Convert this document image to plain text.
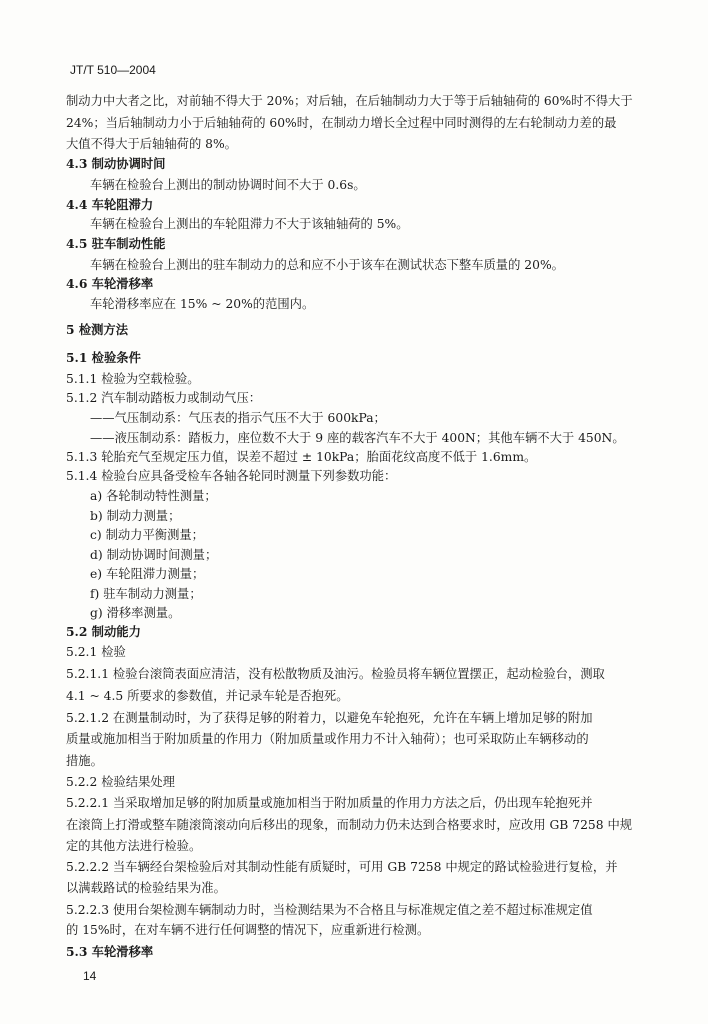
JT/T 510—2004
制动力中大者之比，对前轴不得大于 20%；对后轴，在后轴制动力大于等于后轴轴荷的 60%时不得大于
24%；当后轴制动力小于后轴轴荷的 60%时，在制动力增长全过程中同时测得的左右轮制动力差的最
大值不得大于后轴轴荷的 8%。
4.3 制动协调时间
车辆在检验台上测出的制动协调时间不大于 0.6s。
4.4 车轮阻滞力
车辆在检验台上测出的车轮阻滞力不大于该轴轴荷的 5%。
4.5 驻车制动性能
车辆在检验台上测出的驻车制动力的总和应不小于该车在测试状态下整车质量的 20%。
4.6 车轮滑移率
车轮滑移率应在 15% ~ 20%的范围内。
5 检测方法
5.1 检验条件
5.1.1 检验为空载检验。
5.1.2 汽车制动踏板力或制动气压：
——气压制动系：气压表的指示气压不大于 600kPa；
——液压制动系：踏板力，座位数不大于 9 座的载客汽车不大于 400N；其他车辆不大于 450N。
5.1.3 轮胎充气至规定压力值，误差不超过 ± 10kPa；胎面花纹高度不低于 1.6mm。
5.1.4 检验台应具备受检车各轴各轮同时测量下列参数功能：
a) 各轮制动特性测量；
b) 制动力测量；
c) 制动力平衡测量；
d) 制动协调时间测量；
e) 车轮阻滞力测量；
f) 驻车制动力测量；
g) 滑移率测量。
5.2 制动能力
5.2.1 检验
5.2.1.1 检验台滚筒表面应清洁，没有松散物质及油污。检验员将车辆位置摆正，起动检验台，测取
4.1 ~ 4.5 所要求的参数值，并记录车轮是否抱死。
5.2.1.2 在测量制动时，为了获得足够的附着力，以避免车轮抱死，允许在车辆上增加足够的附加
质量或施加相当于附加质量的作用力（附加质量或作用力不计入轴荷）；也可采取防止车辆移动的
措施。
5.2.2 检验结果处理
5.2.2.1 当采取增加足够的附加质量或施加相当于附加质量的作用力方法之后，仍出现车轮抱死并
在滚筒上打滑或整车随滚筒滚动向后移出的现象，而制动力仍未达到合格要求时，应改用 GB 7258 中规
定的其他方法进行检验。
5.2.2.2 当车辆经台架检验后对其制动性能有质疑时，可用 GB 7258 中规定的路试检验进行复检，并
以满载路试的检验结果为准。
5.2.2.3 使用台架检测车辆制动力时，当检测结果为不合格且与标准规定值之差不超过标准规定值
的 15%时，在对车辆不进行任何调整的情况下，应重新进行检测。
5.3 车轮滑移率
14
